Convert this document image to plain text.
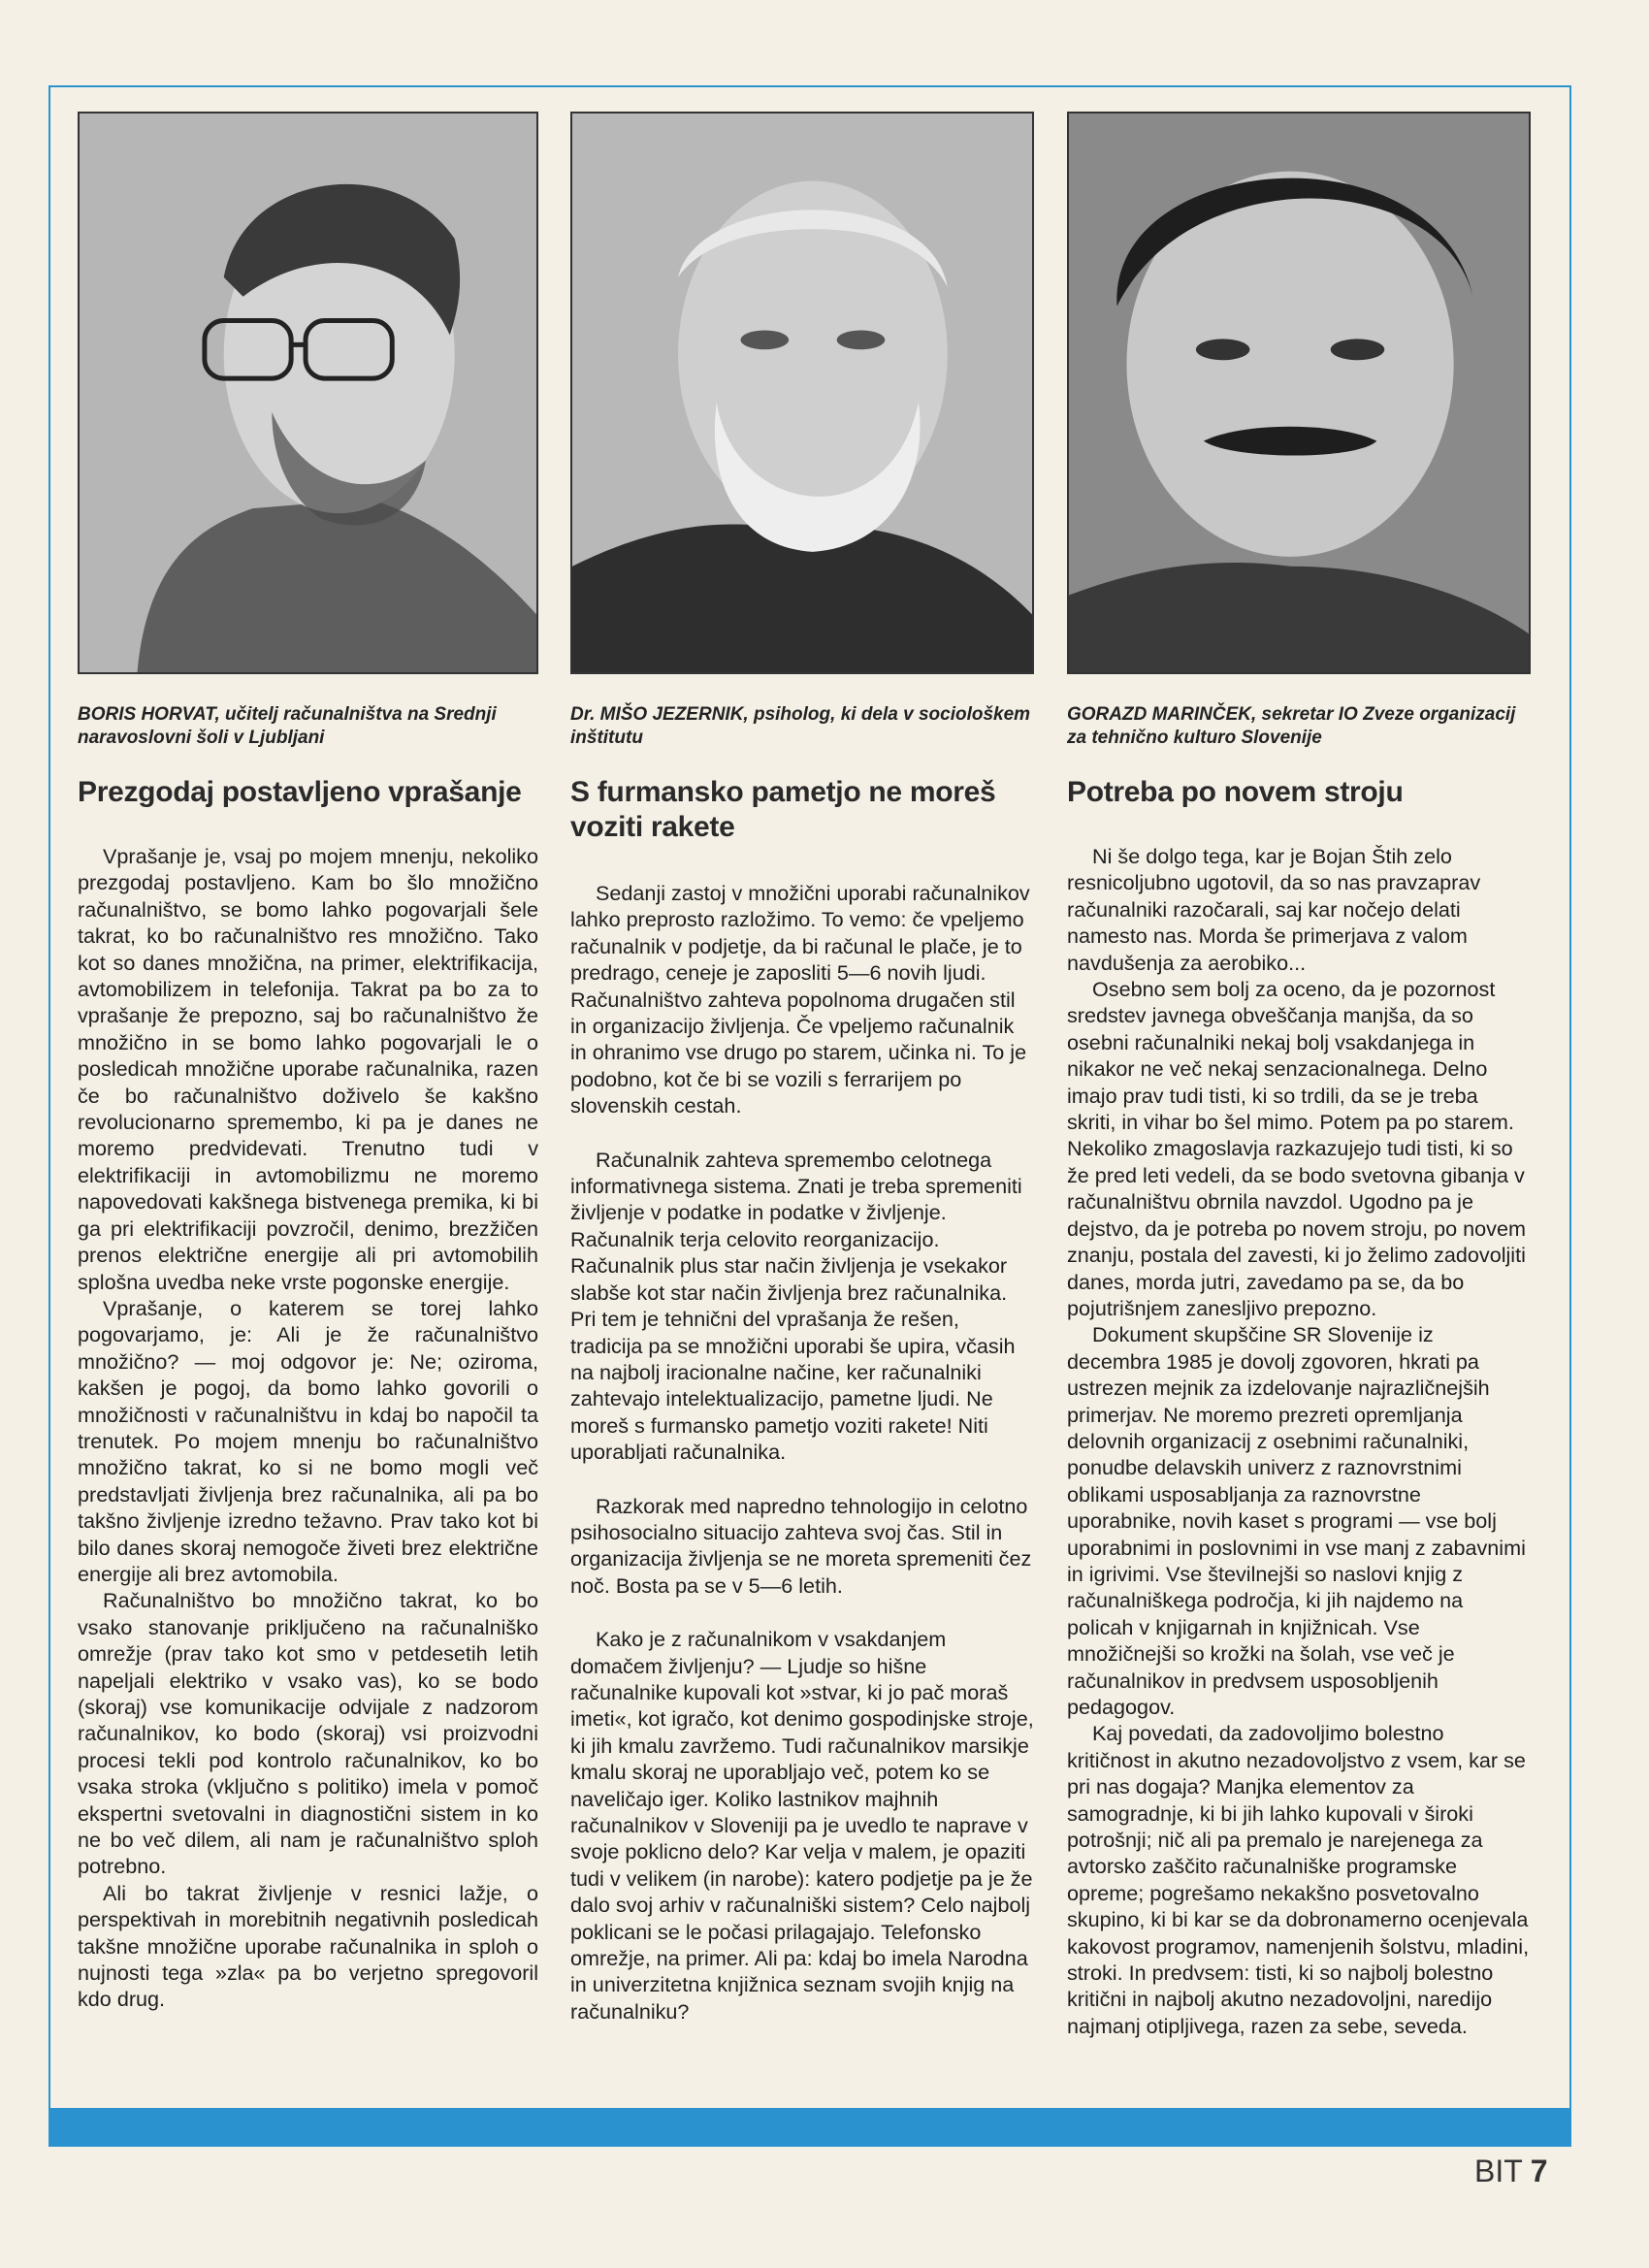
BORIS HORVAT, učitelj računalništva na Srednji naravoslovni šoli v Ljubljani
Prezgodaj postavljeno vprašanje

Vprašanje je, vsaj po mojem mnenju, nekoliko prezgodaj postavljeno. Kam bo šlo množično računalništvo, se bomo lahko pogovarjali šele takrat, ko bo računalništvo res množično. Tako kot so danes množična, na primer, elektrifikacija, avtomobilizem in telefonija. Takrat pa bo za to vprašanje že prepozno, saj bo računalništvo že množično in se bomo lahko pogovarjali le o posledicah množične uporabe računalnika, razen če bo računalništvo doživelo še kakšno revolucionarno spremembo, ki pa je danes ne moremo predvidevati. Trenutno tudi v elektrifikaciji in avtomobilizmu ne moremo napovedovati kakšnega bistvenega premika, ki bi ga pri elektrifikaciji povzročil, denimo, brezžičen prenos električne energije ali pri avtomobilih splošna uvedba neke vrste pogonske energije.

Vprašanje, o katerem se torej lahko pogovarjamo, je: Ali je že računalništvo množično? — moj odgovor je: Ne; oziroma, kakšen je pogoj, da bomo lahko govorili o množičnosti v računalništvu in kdaj bo napočil ta trenutek. Po mojem mnenju bo računalništvo množično takrat, ko si ne bomo mogli več predstavljati življenja brez računalnika, ali pa bo takšno življenje izredno težavno. Prav tako kot bi bilo danes skoraj nemogoče živeti brez električne energije ali brez avtomobila.

Računalništvo bo množično takrat, ko bo vsako stanovanje priključeno na računalniško omrežje (prav tako kot smo v petdesetih letih napeljali elektriko v vsako vas), ko se bodo (skoraj) vse komunikacije odvijale z nadzorom računalnikov, ko bodo (skoraj) vsi proizvodni procesi tekli pod kontrolo računalnikov, ko bo vsaka stroka (vključno s politiko) imela v pomoč ekspertni svetovalni in diagnostični sistem in ko ne bo več dilem, ali nam je računalništvo sploh potrebno.

Ali bo takrat življenje v resnici lažje, o perspektivah in morebitnih negativnih posledicah takšne množične uporabe računalnika in sploh o nujnosti tega »zla« pa bo verjetno spregovoril kdo drug.

Dr. MIŠO JEZERNIK, psiholog, ki dela v sociološkem inštitutu
S furmansko pametjo ne moreš voziti rakete

Sedanji zastoj v množični uporabi računalnikov lahko preprosto razložimo. To vemo: če vpeljemo računalnik v podjetje, da bi računal le plače, je to predrago, ceneje je zaposliti 5—6 novih ljudi. Računalništvo zahteva popolnoma drugačen stil in organizacijo življenja. Če vpeljemo računalnik in ohranimo vse drugo po starem, učinka ni. To je podobno, kot če bi se vozili s ferrarijem po slovenskih cestah.

Računalnik zahteva spremembo celotnega informativnega sistema. Znati je treba spremeniti življenje v podatke in podatke v življenje. Računalnik terja celovito reorganizacijo. Računalnik plus star način življenja je vsekakor slabše kot star način življenja brez računalnika. Pri tem je tehnični del vprašanja že rešen, tradicija pa se množični uporabi še upira, včasih na najbolj iracionalne načine, ker računalniki zahtevajo intelektualizacijo, pametne ljudi. Ne moreš s furmansko pametjo voziti rakete! Niti uporabljati računalnika.

Razkorak med napredno tehnologijo in celotno psihosocialno situacijo zahteva svoj čas. Stil in organizacija življenja se ne moreta spremeniti čez noč. Bosta pa se v 5—6 letih.

Kako je z računalnikom v vsakdanjem domačem življenju? — Ljudje so hišne računalnike kupovali kot »stvar, ki jo pač moraš imeti«, kot igračo, kot denimo gospodinjske stroje, ki jih kmalu zavržemo. Tudi računalnikov marsikje kmalu skoraj ne uporabljajo več, potem ko se naveličajo iger. Koliko lastnikov majhnih računalnikov v Sloveniji pa je uvedlo te naprave v svoje poklicno delo? Kar velja v malem, je opaziti tudi v velikem (in narobe): katero podjetje pa je že dalo svoj arhiv v računalniški sistem? Celo najbolj poklicani se le počasi prilagajajo. Telefonsko omrežje, na primer. Ali pa: kdaj bo imela Narodna in univerzitetna knjižnica seznam svojih knjig na računalniku?

GORAZD MARINČEK, sekretar IO Zveze organizacij za tehnično kulturo Slovenije
Potreba po novem stroju

Ni še dolgo tega, kar je Bojan Štih zelo resnicoljubno ugotovil, da so nas pravzaprav računalniki razočarali, saj kar nočejo delati namesto nas. Morda še primerjava z valom navdušenja za aerobiko...

Osebno sem bolj za oceno, da je pozornost sredstev javnega obveščanja manjša, da so osebni računalniki nekaj bolj vsakdanjega in nikakor ne več nekaj senzacionalnega. Delno imajo prav tudi tisti, ki so trdili, da se je treba skriti, in vihar bo šel mimo. Potem pa po starem. Nekoliko zmagoslavja razkazujejo tudi tisti, ki so že pred leti vedeli, da se bodo svetovna gibanja v računalništvu obrnila navzdol. Ugodno pa je dejstvo, da je potreba po novem stroju, po novem znanju, postala del zavesti, ki jo želimo zadovoljiti danes, morda jutri, zavedamo pa se, da bo pojutrišnjem zanesljivo prepozno.

Dokument skupščine SR Slovenije iz decembra 1985 je dovolj zgovoren, hkrati pa ustrezen mejnik za izdelovanje najrazličnejših primerjav. Ne moremo prezreti opremljanja delovnih organizacij z osebnimi računalniki, ponudbe delavskih univerz z raznovrstnimi oblikami usposabljanja za raznovrstne uporabnike, novih kaset s programi — vse bolj uporabnimi in poslovnimi in vse manj z zabavnimi in igrivimi. Vse številnejši so naslovi knjig z računalniškega področja, ki jih najdemo na policah v knjigarnah in knjižnicah. Vse množičnejši so krožki na šolah, vse več je računalnikov in predvsem usposobljenih pedagogov.

Kaj povedati, da zadovoljimo bolestno kritičnost in akutno nezadovoljstvo z vsem, kar se pri nas dogaja? Manjka elementov za samogradnje, ki bi jih lahko kupovali v široki potrošnji; nič ali pa premalo je narejenega za avtorsko zaščito računalniške programske opreme; pogrešamo nekakšno posvetovalno skupino, ki bi kar se da dobronamerno ocenjevala kakovost programov, namenjenih šolstvu, mladini, stroki. In predvsem: tisti, ki so najbolj bolestno kritični in najbolj akutno nezadovoljni, naredijo najmanj otipljivega, razen za sebe, seveda.

BIT 7
